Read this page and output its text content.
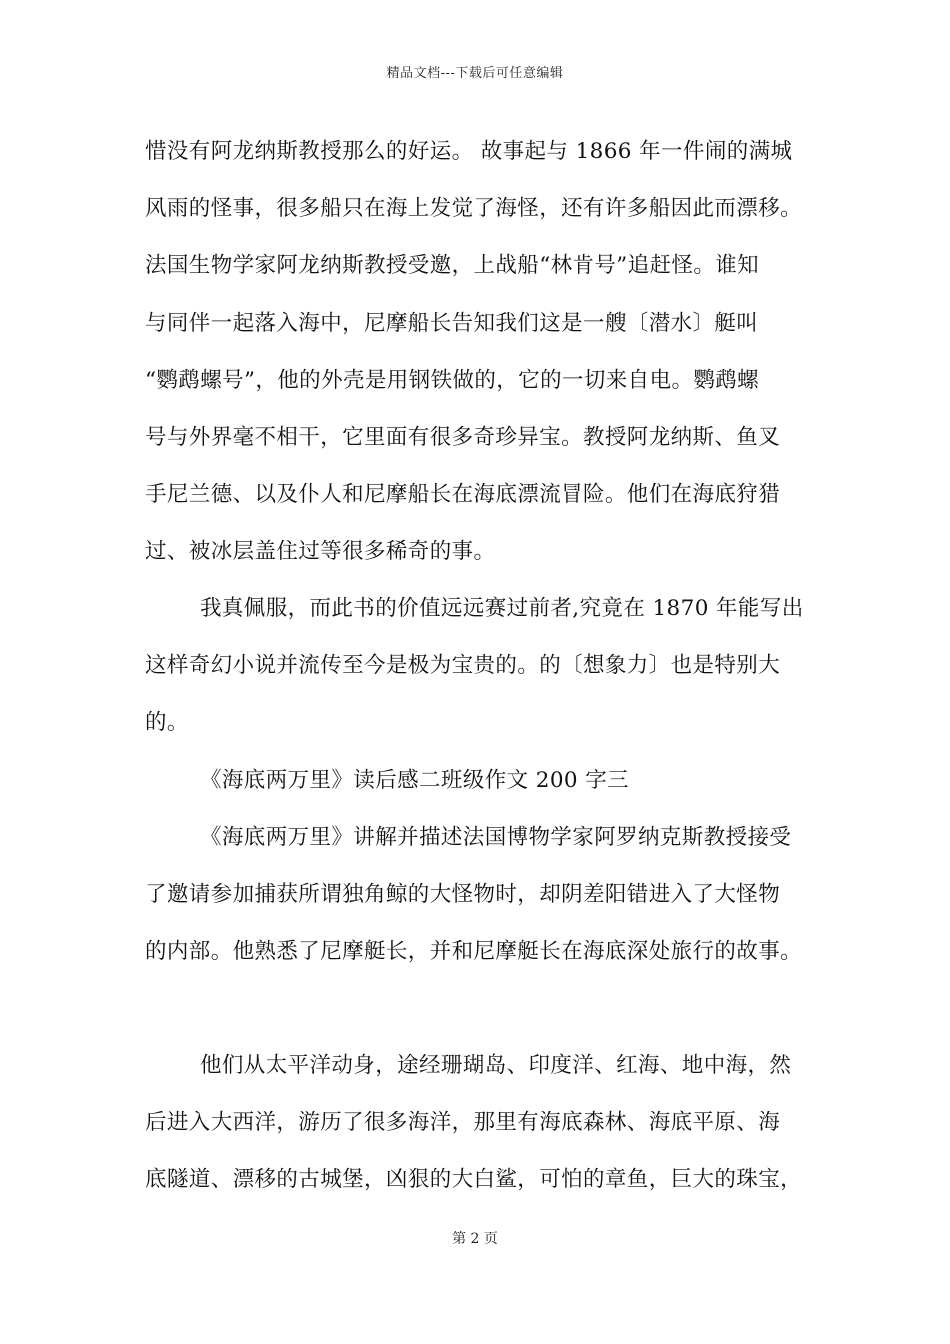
精品文档---下载后可任意编辑
惜没有阿龙纳斯教授那么的好运。 故事起与 1866 年一件闹的满城
风雨的怪事，很多船只在海上发觉了海怪，还有许多船因此而漂移。
法国生物学家阿龙纳斯教授受邀，上战船“林肯号”追赶怪。谁知
与同伴一起落入海中，尼摩船长告知我们这是一艘〔潜水〕艇叫
“鹦鹉螺号”，他的外壳是用钢铁做的，它的一切来自电。鹦鹉螺
号与外界毫不相干，它里面有很多奇珍异宝。教授阿龙纳斯、鱼叉
手尼兰德、以及仆人和尼摩船长在海底漂流冒险。他们在海底狩猎
过、被冰层盖住过等很多稀奇的事。
我真佩服，而此书的价值远远赛过前者,究竟在 1870 年能写出
这样奇幻小说并流传至今是极为宝贵的。的〔想象力〕也是特别大
的。
《海底两万里》读后感二班级作文 200 字三
《海底两万里》讲解并描述法国博物学家阿罗纳克斯教授接受
了邀请参加捕获所谓独角鲸的大怪物时，却阴差阳错进入了大怪物
的内部。他熟悉了尼摩艇长，并和尼摩艇长在海底深处旅行的故事。
他们从太平洋动身，途经珊瑚岛、印度洋、红海、地中海，然
后进入大西洋，游历了很多海洋，那里有海底森林、海底平原、海
底隧道、漂移的古城堡，凶狠的大白鲨，可怕的章鱼，巨大的珠宝，
第 2 页
